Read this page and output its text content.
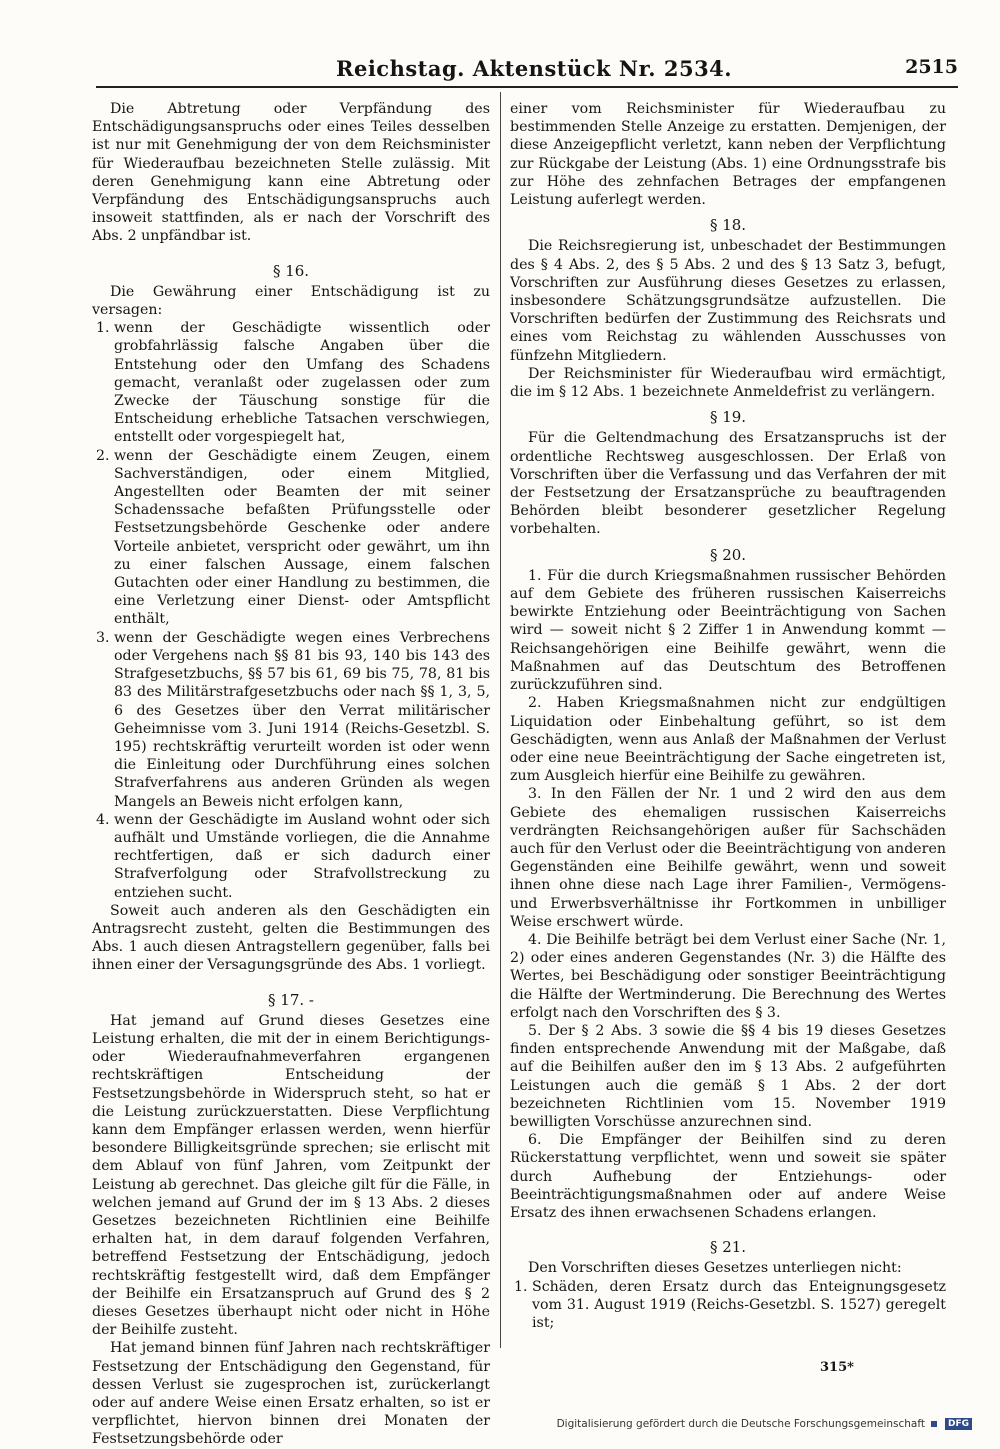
Reichstag. Aktenstück Nr. 2534.	2515

Die Abtretung oder Verpfändung des Entschädigungsanspruchs oder eines Teiles desselben ist nur mit Genehmigung der von dem Reichsminister für Wiederaufbau bezeichneten Stelle zulässig. Mit deren Genehmigung kann eine Abtretung oder Verpfändung des Entschädigungsanspruchs auch insoweit stattfinden, als er nach der Vorschrift des Abs. 2 unpfändbar ist.

§ 16.

Die Gewährung einer Entschädigung ist zu versagen:

1. wenn der Geschädigte wissentlich oder grobfahrlässig falsche Angaben über die Entstehung oder den Umfang des Schadens gemacht, veranlaßt oder zugelassen oder zum Zwecke der Täuschung sonstige für die Entscheidung erhebliche Tatsachen verschwiegen, entstellt oder vorgespiegelt hat,
2. wenn der Geschädigte einem Zeugen, einem Sachverständigen, oder einem Mitglied, Angestellten oder Beamten der mit seiner Schadenssache befaßten Prüfungsstelle oder Festsetzungsbehörde Geschenke oder andere Vorteile anbietet, verspricht oder gewährt, um ihn zu einer falschen Aussage, einem falschen Gutachten oder einer Handlung zu bestimmen, die eine Verletzung einer Dienst- oder Amtspflicht enthält,
3. wenn der Geschädigte wegen eines Verbrechens oder Vergehens nach §§ 81 bis 93, 140 bis 143 des Strafgesetzbuchs, §§ 57 bis 61, 69 bis 75, 78, 81 bis 83 des Militärstrafgesetzbuchs oder nach §§ 1, 3, 5, 6 des Gesetzes über den Verrat militärischer Geheimnisse vom 3. Juni 1914 (Reichs-Gesetzbl. S. 195) rechtskräftig verurteilt worden ist oder wenn die Einleitung oder Durchführung eines solchen Strafverfahrens aus anderen Gründen als wegen Mangels an Beweis nicht erfolgen kann,
4. wenn der Geschädigte im Ausland wohnt oder sich aufhält und Umstände vorliegen, die die Annahme rechtfertigen, daß er sich dadurch einer Strafverfolgung oder Strafvollstreckung zu entziehen sucht.

Soweit auch anderen als den Geschädigten ein Antragsrecht zusteht, gelten die Bestimmungen des Abs. 1 auch diesen Antragstellern gegenüber, falls bei ihnen einer der Versagungsgründe des Abs. 1 vorliegt.

§ 17. -

Hat jemand auf Grund dieses Gesetzes eine Leistung erhalten, die mit der in einem Berichtigungs- oder Wiederaufnahmeverfahren ergangenen rechtskräftigen Entscheidung der Festsetzungsbehörde in Widerspruch steht, so hat er die Leistung zurückzuerstatten. Diese Verpflichtung kann dem Empfänger erlassen werden, wenn hierfür besondere Billigkeitsgründe sprechen; sie erlischt mit dem Ablauf von fünf Jahren, vom Zeitpunkt der Leistung ab gerechnet. Das gleiche gilt für die Fälle, in welchen jemand auf Grund der im § 13 Abs. 2 dieses Gesetzes bezeichneten Richtlinien eine Beihilfe erhalten hat, in dem darauf folgenden Verfahren, betreffend Festsetzung der Entschädigung, jedoch rechtskräftig festgestellt wird, daß dem Empfänger der Beihilfe ein Ersatzanspruch auf Grund des § 2 dieses Gesetzes überhaupt nicht oder nicht in Höhe der Beihilfe zusteht.

Hat jemand binnen fünf Jahren nach rechtskräftiger Festsetzung der Entschädigung den Gegenstand, für dessen Verlust sie zugesprochen ist, zurückerlangt oder auf andere Weise einen Ersatz erhalten, so ist er verpflichtet, hiervon binnen drei Monaten der Festsetzungsbehörde oder

einer vom Reichsminister für Wiederaufbau zu bestimmenden Stelle Anzeige zu erstatten. Demjenigen, der diese Anzeigepflicht verletzt, kann neben der Verpflichtung zur Rückgabe der Leistung (Abs. 1) eine Ordnungsstrafe bis zur Höhe des zehnfachen Betrages der empfangenen Leistung auferlegt werden.

§ 18.

Die Reichsregierung ist, unbeschadet der Bestimmungen des § 4 Abs. 2, des § 5 Abs. 2 und des § 13 Satz 3, befugt, Vorschriften zur Ausführung dieses Gesetzes zu erlassen, insbesondere Schätzungsgrundsätze aufzustellen. Die Vorschriften bedürfen der Zustimmung des Reichsrats und eines vom Reichstag zu wählenden Ausschusses von fünfzehn Mitgliedern.

Der Reichsminister für Wiederaufbau wird ermächtigt, die im § 12 Abs. 1 bezeichnete Anmeldefrist zu verlängern.

§ 19.

Für die Geltendmachung des Ersatzanspruchs ist der ordentliche Rechtsweg ausgeschlossen. Der Erlaß von Vorschriften über die Verfassung und das Verfahren der mit der Festsetzung der Ersatzansprüche zu beauftragenden Behörden bleibt besonderer gesetzlicher Regelung vorbehalten.

§ 20.

1. Für die durch Kriegsmaßnahmen russischer Behörden auf dem Gebiete des früheren russischen Kaiserreichs bewirkte Entziehung oder Beeinträchtigung von Sachen wird — soweit nicht § 2 Ziffer 1 in Anwendung kommt — Reichsangehörigen eine Beihilfe gewährt, wenn die Maßnahmen auf das Deutschtum des Betroffenen zurückzuführen sind.

2. Haben Kriegsmaßnahmen nicht zur endgültigen Liquidation oder Einbehaltung geführt, so ist dem Geschädigten, wenn aus Anlaß der Maßnahmen der Verlust oder eine neue Beeinträchtigung der Sache eingetreten ist, zum Ausgleich hierfür eine Beihilfe zu gewähren.

3. In den Fällen der Nr. 1 und 2 wird den aus dem Gebiete des ehemaligen russischen Kaiserreichs verdrängten Reichsangehörigen außer für Sachschäden auch für den Verlust oder die Beeinträchtigung von anderen Gegenständen eine Beihilfe gewährt, wenn und soweit ihnen ohne diese nach Lage ihrer Familien-, Vermögens- und Erwerbsverhältnisse ihr Fortkommen in unbilliger Weise erschwert würde.

4. Die Beihilfe beträgt bei dem Verlust einer Sache (Nr. 1, 2) oder eines anderen Gegenstandes (Nr. 3) die Hälfte des Wertes, bei Beschädigung oder sonstiger Beeinträchtigung die Hälfte der Wertminderung. Die Berechnung des Wertes erfolgt nach den Vorschriften des § 3.

5. Der § 2 Abs. 3 sowie die §§ 4 bis 19 dieses Gesetzes finden entsprechende Anwendung mit der Maßgabe, daß auf die Beihilfen außer den im § 13 Abs. 2 aufgeführten Leistungen auch die gemäß § 1 Abs. 2 der dort bezeichneten Richtlinien vom 15. November 1919 bewilligten Vorschüsse anzurechnen sind.

6. Die Empfänger der Beihilfen sind zu deren Rückerstattung verpflichtet, wenn und soweit sie später durch Aufhebung der Entziehungs- oder Beeinträchtigungsmaßnahmen oder auf andere Weise Ersatz des ihnen erwachsenen Schadens erlangen.

§ 21.

Den Vorschriften dieses Gesetzes unterliegen nicht:

1. Schäden, deren Ersatz durch das Enteignungsgesetz vom 31. August 1919 (Reichs-Gesetzbl. S. 1527) geregelt ist;
315*
Digitalisierung gefördert durch die Deutsche Forschungsgemeinschaft	DFG
